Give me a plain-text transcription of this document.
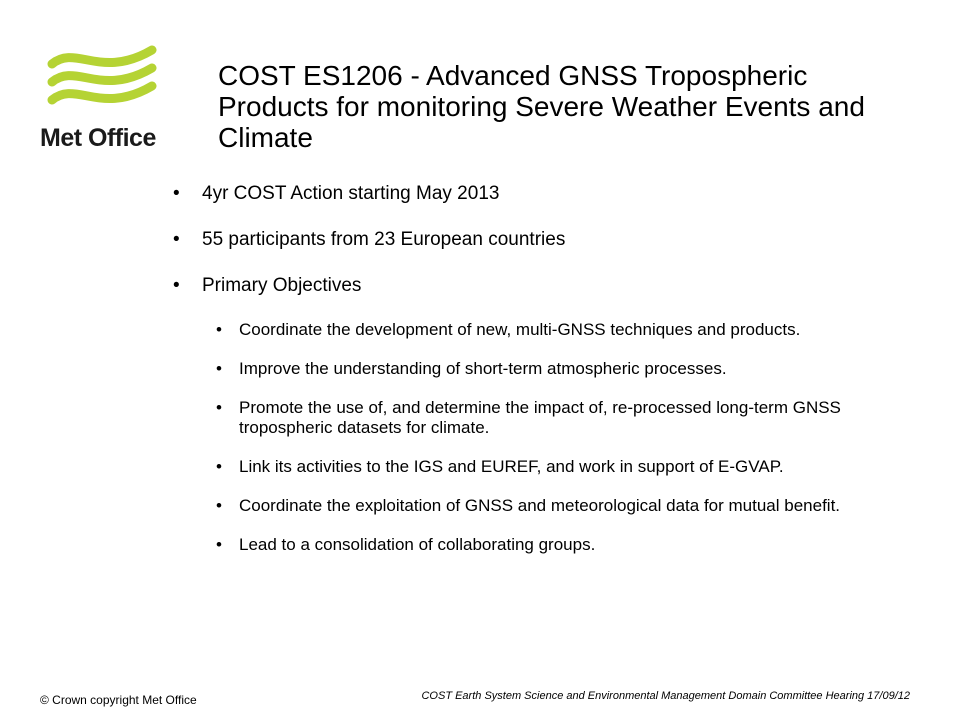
Met Office
COST ES1206 - Advanced GNSS Tropospheric Products for monitoring Severe Weather Events and Climate
• 4yr COST Action starting May 2013
• 55 participants from 23 European countries
• Primary Objectives
• Coordinate the development of new, multi-GNSS techniques and products.
• Improve the understanding of short-term atmospheric processes.
• Promote the use of, and determine the impact of, re-processed long-term GNSS tropospheric datasets for climate.
• Link its activities to the IGS and EUREF, and work in support of E-GVAP.
• Coordinate the exploitation of GNSS and meteorological data for mutual benefit.
• Lead to a consolidation of collaborating groups.
© Crown copyright Met Office	COST Earth System Science and Environmental Management Domain Committee Hearing 17/09/12
